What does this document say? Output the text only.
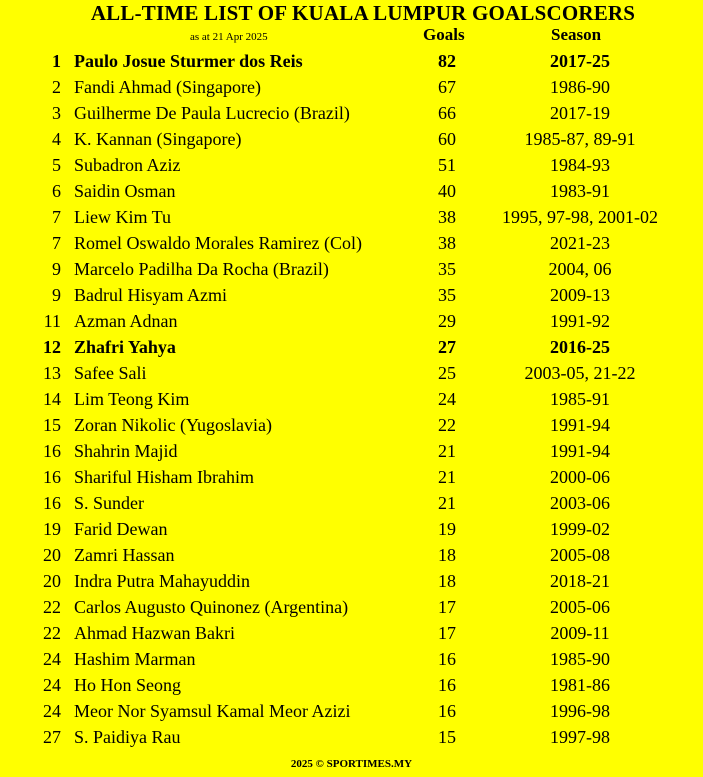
ALL-TIME LIST OF KUALA LUMPUR GOALSCORERS
as at 21 Apr 2025	Goals	Season
1 Paulo Josue Sturmer dos Reis	82	2017-25
2 Fandi Ahmad (Singapore)	67	1986-90
3 Guilherme De Paula Lucrecio (Brazil)	66	2017-19
4 K. Kannan (Singapore)	60	1985-87, 89-91
5 Subadron Aziz	51	1984-93
6 Saidin Osman	40	1983-91
7 Liew Kim Tu	38	1995, 97-98, 2001-02
7 Romel Oswaldo Morales Ramirez (Col)	38	2021-23
9 Marcelo Padilha Da Rocha (Brazil)	35	2004, 06
9 Badrul Hisyam Azmi	35	2009-13
11 Azman Adnan	29	1991-92
12 Zhafri Yahya	27	2016-25
13 Safee Sali	25	2003-05, 21-22
14 Lim Teong Kim	24	1985-91
15 Zoran Nikolic (Yugoslavia)	22	1991-94
16 Shahrin Majid	21	1991-94
16 Shariful Hisham Ibrahim	21	2000-06
16 S. Sunder	21	2003-06
19 Farid Dewan	19	1999-02
20 Zamri Hassan	18	2005-08
20 Indra Putra Mahayuddin	18	2018-21
22 Carlos Augusto Quinonez (Argentina)	17	2005-06
22 Ahmad Hazwan Bakri	17	2009-11
24 Hashim Marman	16	1985-90
24 Ho Hon Seong	16	1981-86
24 Meor Nor Syamsul Kamal Meor Azizi	16	1996-98
27 S. Paidiya Rau	15	1997-98
2025 © SPORTIMES.MY
